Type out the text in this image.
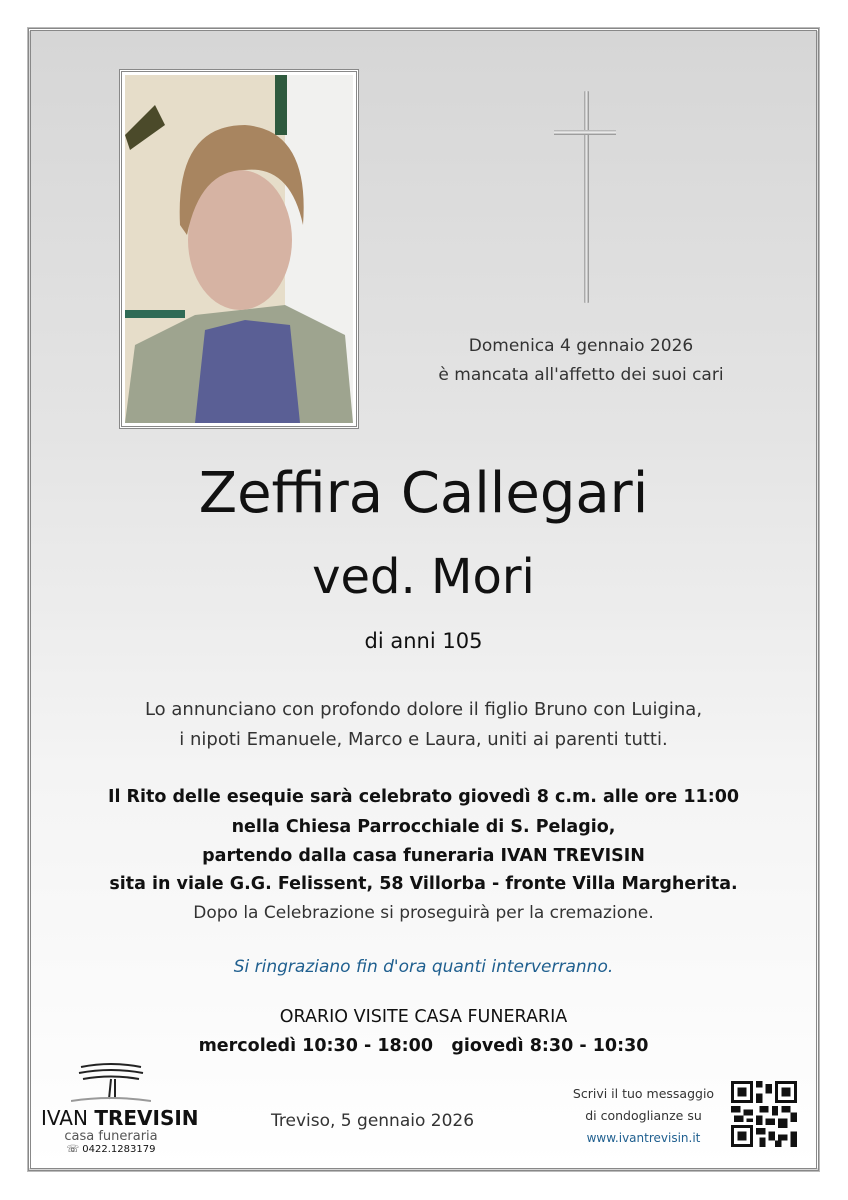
Domenica 4 gennaio 2026
è mancata all'affetto dei suoi cari
Zeffira Callegari
ved. Mori
di anni 105
Lo annunciano con profondo dolore il figlio Bruno con Luigina,
i nipoti Emanuele, Marco e Laura, uniti ai parenti tutti.
Il Rito delle esequie sarà celebrato giovedì 8 c.m. alle ore 11:00
nella Chiesa Parrocchiale di S. Pelagio,
partendo dalla casa funeraria IVAN TREVISIN
sita in viale G.G. Felissent, 58 Villorba - fronte Villa Margherita.
Dopo la Celebrazione si proseguirà per la cremazione.
Si ringraziano fin d'ora quanti interverranno.
ORARIO VISITE CASA FUNERARIA
mercoledì 10:30 - 18:00   giovedì 8:30 - 10:30
IVAN TREVISIN
casa funeraria
☏ 0422.1283179
Treviso, 5 gennaio 2026
Scrivi il tuo messaggio
di condoglianze su
www.ivantrevisin.it
